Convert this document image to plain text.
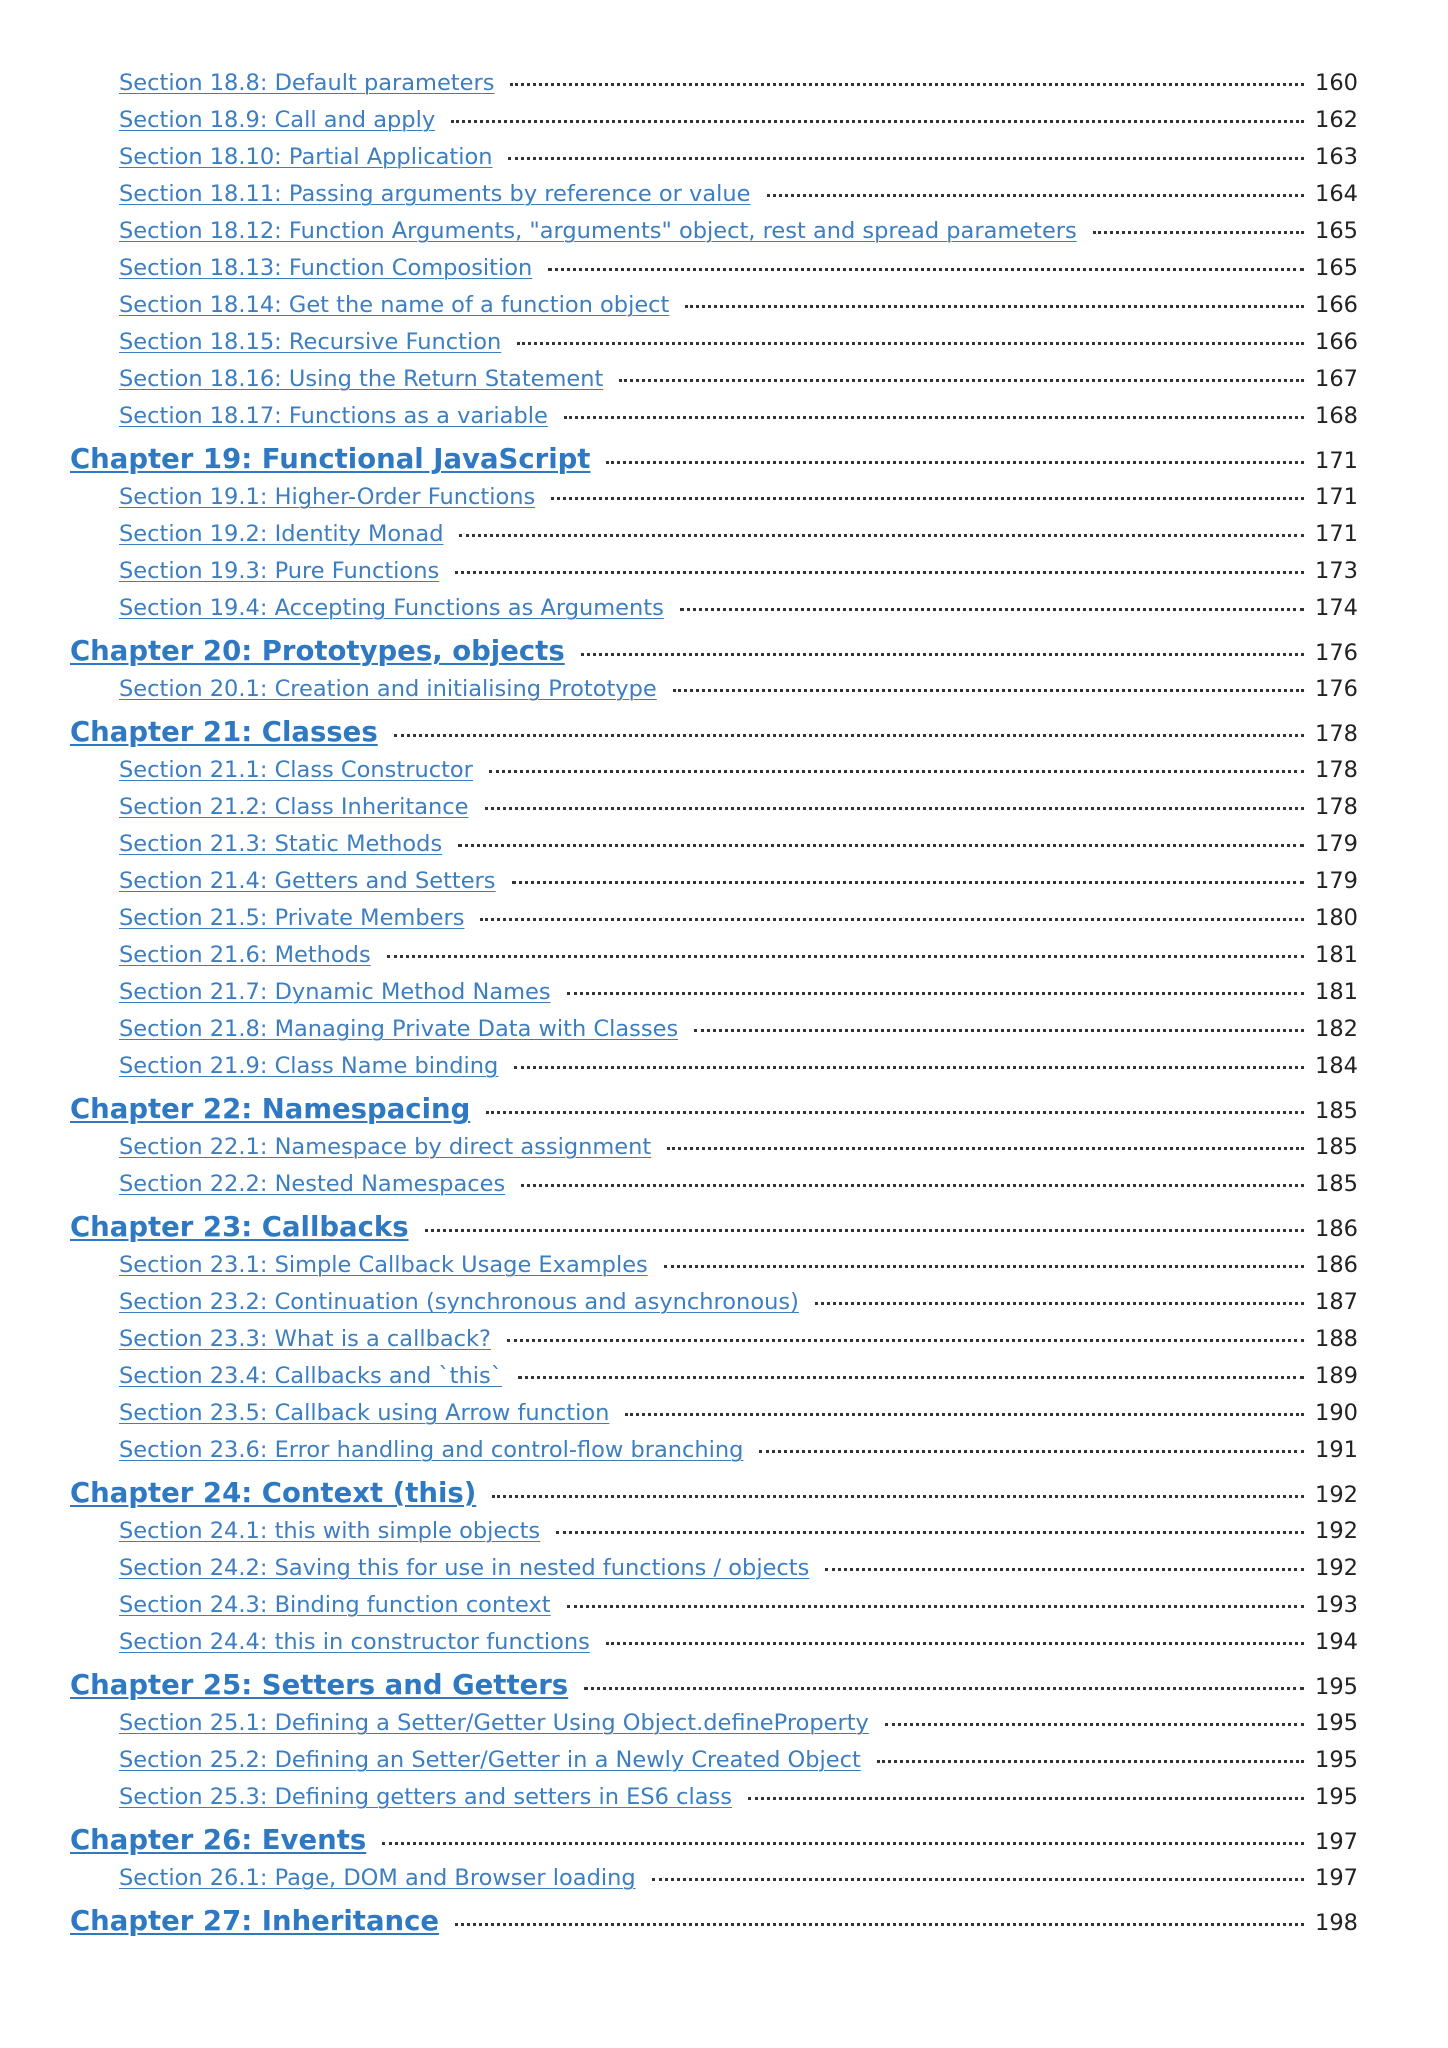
Section 18.8: Default parameters	160
Section 18.9: Call and apply	162
Section 18.10: Partial Application	163
Section 18.11: Passing arguments by reference or value	164
Section 18.12: Function Arguments, "arguments" object, rest and spread parameters	165
Section 18.13: Function Composition	165
Section 18.14: Get the name of a function object	166
Section 18.15: Recursive Function	166
Section 18.16: Using the Return Statement	167
Section 18.17: Functions as a variable	168
Chapter 19: Functional JavaScript	171
Section 19.1: Higher-Order Functions	171
Section 19.2: Identity Monad	171
Section 19.3: Pure Functions	173
Section 19.4: Accepting Functions as Arguments	174
Chapter 20: Prototypes, objects	176
Section 20.1: Creation and initialising Prototype	176
Chapter 21: Classes	178
Section 21.1: Class Constructor	178
Section 21.2: Class Inheritance	178
Section 21.3: Static Methods	179
Section 21.4: Getters and Setters	179
Section 21.5: Private Members	180
Section 21.6: Methods	181
Section 21.7: Dynamic Method Names	181
Section 21.8: Managing Private Data with Classes	182
Section 21.9: Class Name binding	184
Chapter 22: Namespacing	185
Section 22.1: Namespace by direct assignment	185
Section 22.2: Nested Namespaces	185
Chapter 23: Callbacks	186
Section 23.1: Simple Callback Usage Examples	186
Section 23.2: Continuation (synchronous and asynchronous)	187
Section 23.3: What is a callback?	188
Section 23.4: Callbacks and `this`	189
Section 23.5: Callback using Arrow function	190
Section 23.6: Error handling and control-flow branching	191
Chapter 24: Context (this)	192
Section 24.1: this with simple objects	192
Section 24.2: Saving this for use in nested functions / objects	192
Section 24.3: Binding function context	193
Section 24.4: this in constructor functions	194
Chapter 25: Setters and Getters	195
Section 25.1: Defining a Setter/Getter Using Object.defineProperty	195
Section 25.2: Defining an Setter/Getter in a Newly Created Object	195
Section 25.3: Defining getters and setters in ES6 class	195
Chapter 26: Events	197
Section 26.1: Page, DOM and Browser loading	197
Chapter 27: Inheritance	198
